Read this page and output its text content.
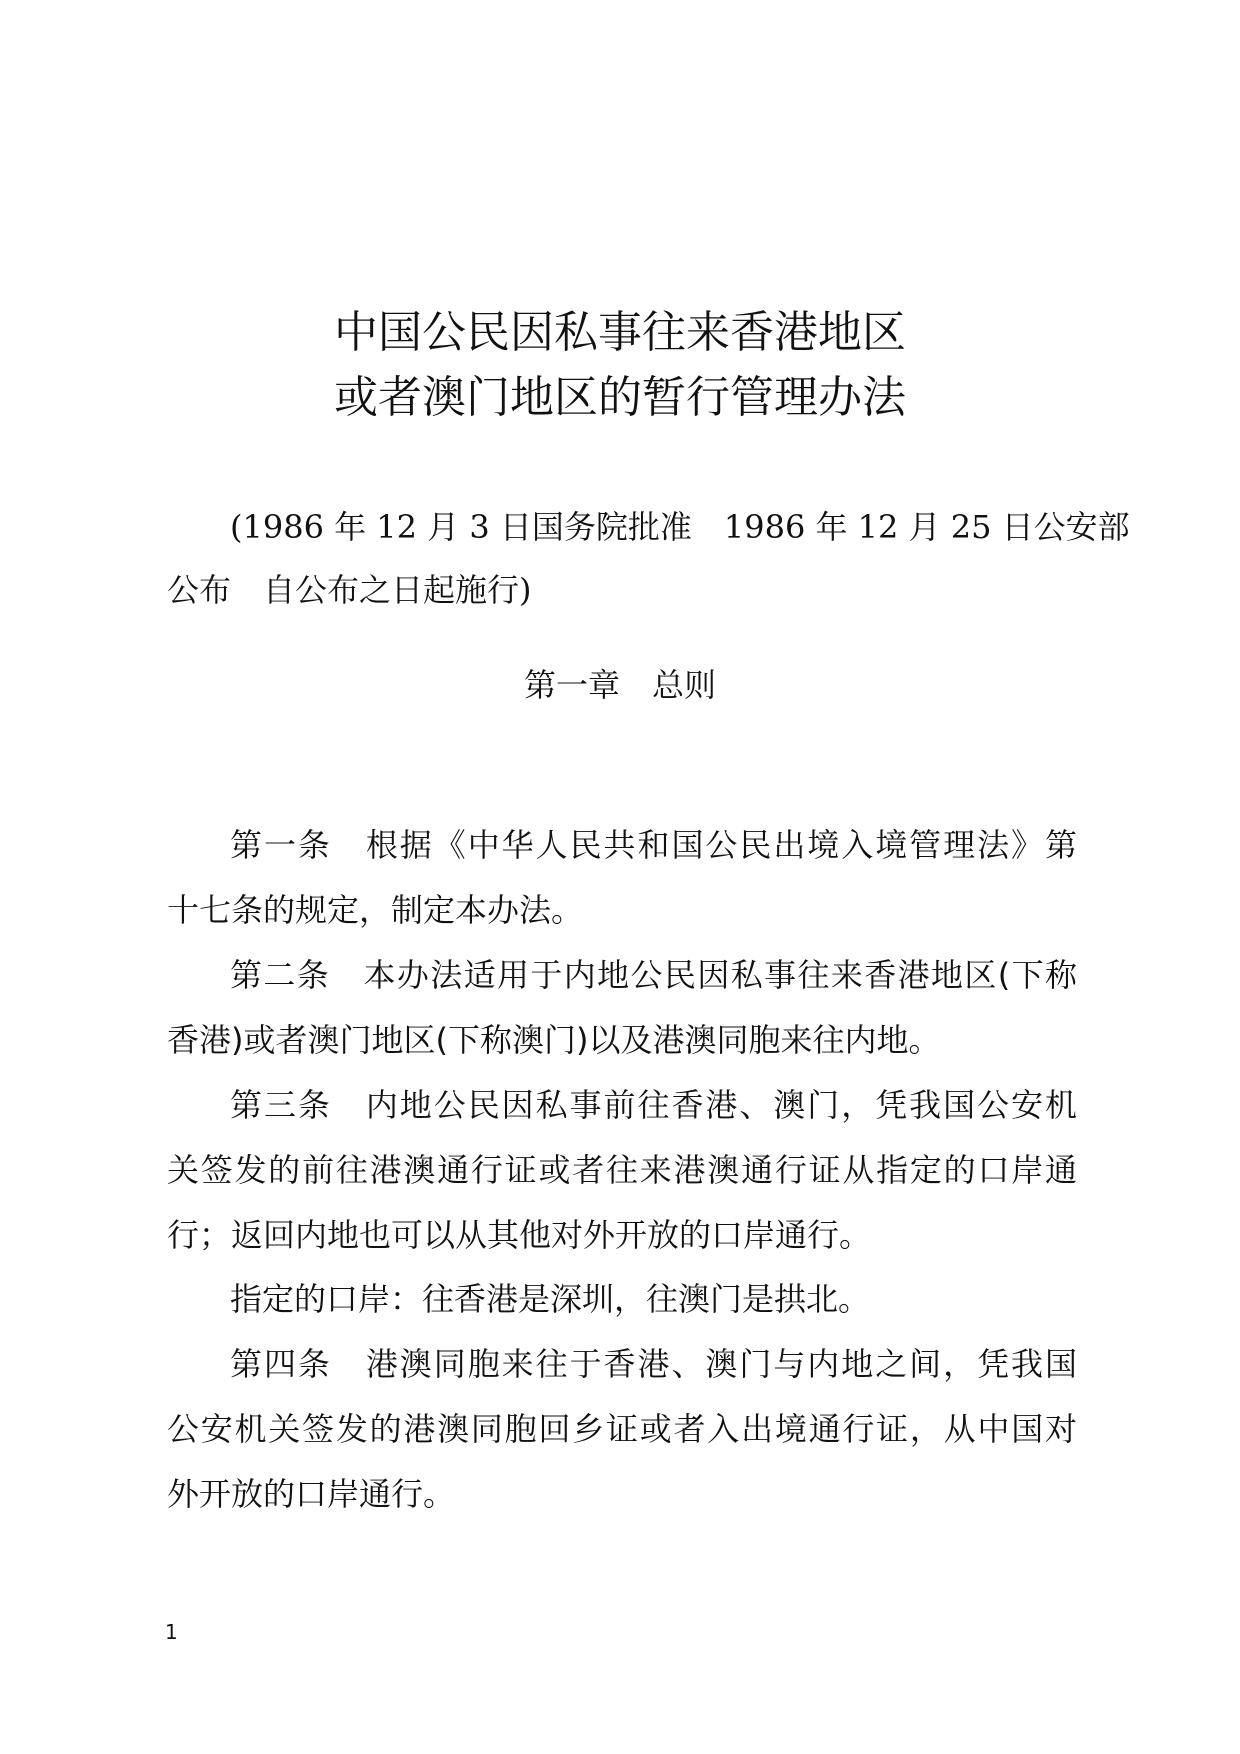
中国公民因私事往来香港地区
或者澳门地区的暂行管理办法
(1986 年 12 月 3 日国务院批准　1986 年 12 月 25 日公安部
公布　自公布之日起施行)
第一章　总则
第一条　根据《中华人民共和国公民出境入境管理法》第
十七条的规定，制定本办法。
第二条　本办法适用于内地公民因私事往来香港地区(下称
香港)或者澳门地区(下称澳门)以及港澳同胞来往内地。
第三条　内地公民因私事前往香港、澳门，凭我国公安机
关签发的前往港澳通行证或者往来港澳通行证从指定的口岸通
行；返回内地也可以从其他对外开放的口岸通行。
指定的口岸：往香港是深圳，往澳门是拱北。
第四条　港澳同胞来往于香港、澳门与内地之间，凭我国
公安机关签发的港澳同胞回乡证或者入出境通行证，从中国对
外开放的口岸通行。
1
